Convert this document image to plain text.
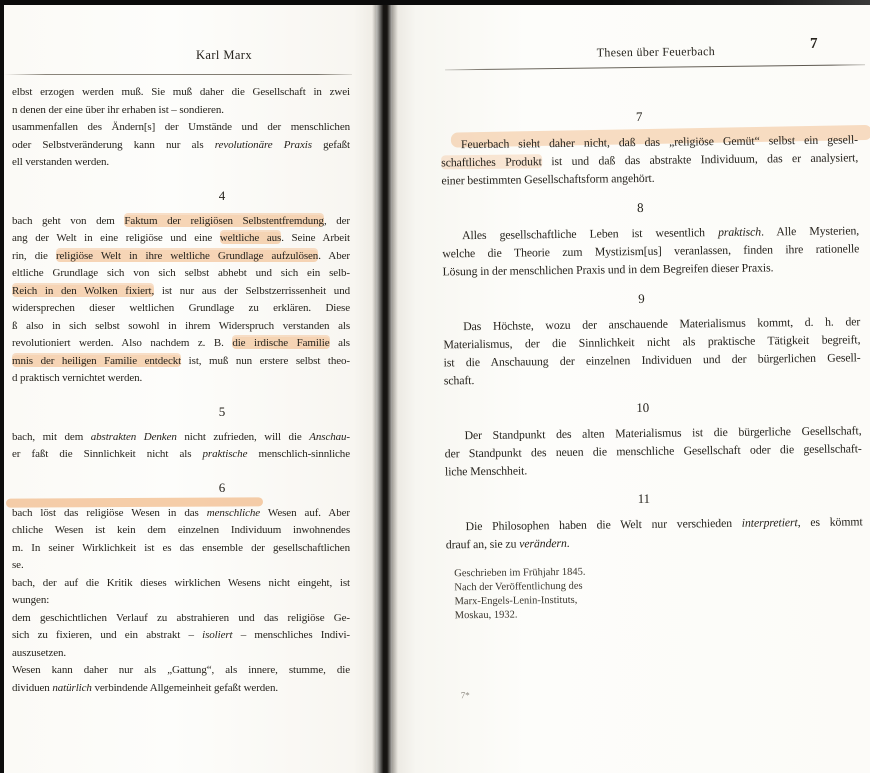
Karl Marx
elbst erzogen werden muß. Sie muß daher die Gesellschaft in zwei
n denen der eine über ihr erhaben ist – sondieren.
usammenfallen des Ändern[s] der Umstände und der menschlichen
oder Selbstveränderung kann nur als revolutionäre Praxis gefaßt
ell verstanden werden.
4
bach geht von dem Faktum der religiösen Selbstentfremdung, der
ang der Welt in eine religiöse und eine weltliche aus. Seine Arbeit
rin, die religiöse Welt in ihre weltliche Grundlage aufzulösen. Aber
eltliche Grundlage sich von sich selbst abhebt und sich ein selb-
Reich in den Wolken fixiert, ist nur aus der Selbstzerrissenheit und
widersprechen dieser weltlichen Grundlage zu erklären. Diese
ß also in sich selbst sowohl in ihrem Widerspruch verstanden als
revolutioniert werden. Also nachdem z. B. die irdische Familie als
mnis der heiligen Familie entdeckt ist, muß nun erstere selbst theo-
d praktisch vernichtet werden.
5
bach, mit dem abstrakten Denken nicht zufrieden, will die Anschau-
er faßt die Sinnlichkeit nicht als praktische menschlich-sinnliche
6
bach löst das religiöse Wesen in das menschliche Wesen auf. Aber
chliche Wesen ist kein dem einzelnen Individuum inwohnendes
m. In seiner Wirklichkeit ist es das ensemble der gesellschaftlichen
se.
bach, der auf die Kritik dieses wirklichen Wesens nicht eingeht, ist
wungen:
dem geschichtlichen Verlauf zu abstrahieren und das religiöse Ge-
sich zu fixieren, und ein abstrakt – isoliert – menschliches Indivi-
auszusetzen.
Wesen kann daher nur als „Gattung“, als innere, stumme, die
dividuen natürlich verbindende Allgemeinheit gefaßt werden.
Thesen über Feuerbach	7
7
Feuerbach sieht daher nicht, daß das „religiöse Gemüt“ selbst ein gesell-
schaftliches Produkt ist und daß das abstrakte Individuum, das er analysiert,
einer bestimmten Gesellschaftsform angehört.
8
Alles gesellschaftliche Leben ist wesentlich praktisch. Alle Mysterien,
welche die Theorie zum Mystizism[us] veranlassen, finden ihre rationelle
Lösung in der menschlichen Praxis und in dem Begreifen dieser Praxis.
9
Das Höchste, wozu der anschauende Materialismus kommt, d. h. der
Materialismus, der die Sinnlichkeit nicht als praktische Tätigkeit begreift,
ist die Anschauung der einzelnen Individuen und der bürgerlichen Gesell-
schaft.
10
Der Standpunkt des alten Materialismus ist die bürgerliche Gesellschaft,
der Standpunkt des neuen die menschliche Gesellschaft oder die gesellschaft-
liche Menschheit.
11
Die Philosophen haben die Welt nur verschieden interpretiert, es kömmt
drauf an, sie zu verändern.
Geschrieben im Frühjahr 1845.
Nach der Veröffentlichung des
Marx-Engels-Lenin-Instituts,
Moskau, 1932.
7*
